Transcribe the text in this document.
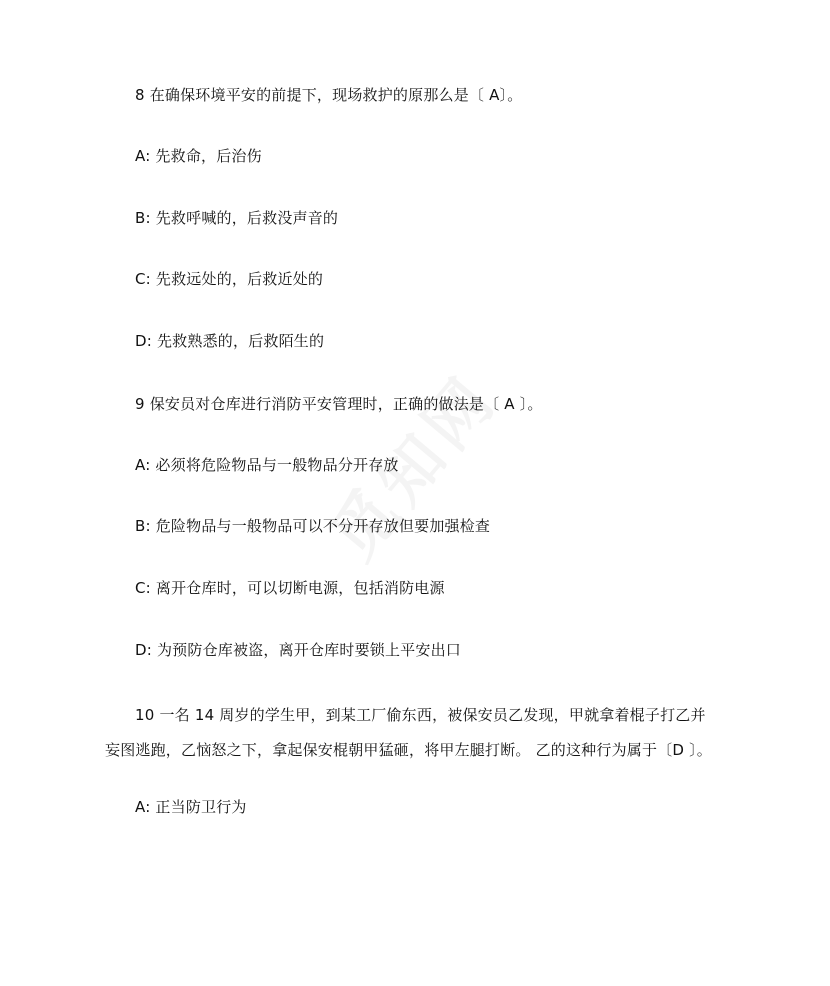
8 在确保环境平安的前提下，现场救护的原那么是〔 A〕。
A: 先救命，后治伤
B: 先救呼喊的，后救没声音的
C: 先救远处的，后救近处的
D: 先救熟悉的，后救陌生的
9 保安员对仓库进行消防平安管理时，正确的做法是〔 A 〕。
A: 必须将危险物品与一般物品分开存放
B: 危险物品与一般物品可以不分开存放但要加强检查
C: 离开仓库时，可以切断电源，包括消防电源
D: 为预防仓库被盗，离开仓库时要锁上平安出口
10 一名 14 周岁的学生甲，到某工厂偷东西，被保安员乙发现，甲就拿着棍子打乙并
妄图逃跑，乙恼怒之下，拿起保安棍朝甲猛砸，将甲左腿打断。 乙的这种行为属于〔D 〕。
A: 正当防卫行为
